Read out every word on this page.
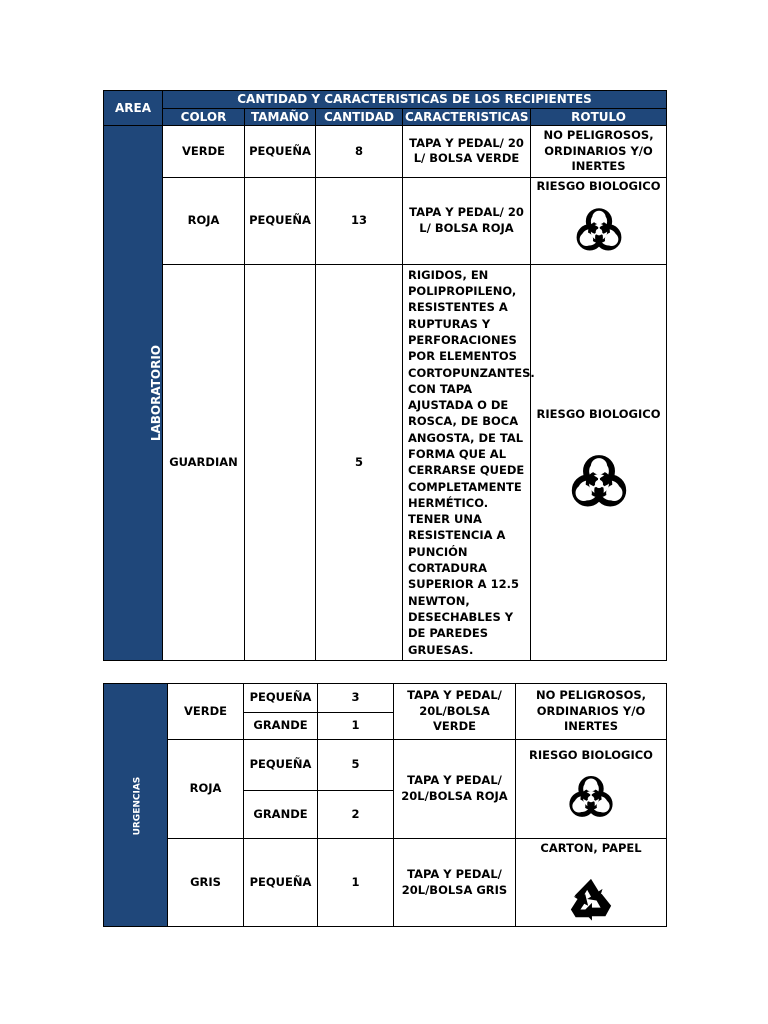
AREA	CANTIDAD Y CARACTERISTICAS DE LOS RECIPIENTES				
	COLOR	TAMAÑO	CANTIDAD	CARACTERISTICAS	ROTULO
LABORATORIO	VERDE	PEQUEÑA	8	TAPA Y PEDAL/ 20 L/ BOLSA VERDE	NO PELIGROSOS, ORDINARIOS Y/O INERTES
	ROJA	PEQUEÑA	13	TAPA Y PEDAL/ 20 L/ BOLSA ROJA	RIESGO BIOLOGICO

	GUARDIAN		5	RIGIDOS, EN POLIPROPILENO, RESISTENTES A RUPTURAS Y PERFORACIONES POR ELEMENTOS CORTOPUNZANTES. CON TAPA AJUSTADA O DE ROSCA, DE BOCA ANGOSTA, DE TAL FORMA QUE AL CERRARSE QUEDE COMPLETAMENTE HERMÉTICO. TENER UNA RESISTENCIA A PUNCIÓN CORTADURA SUPERIOR A 12.5 NEWTON, DESECHABLES Y DE PAREDES GRUESAS.	RIESGO BIOLOGICO
URGENCIAS	VERDE	PEQUEÑA	3	TAPA Y PEDAL/ 20L/BOLSA VERDE	NO PELIGROSOS, ORDINARIOS Y/O INERTES
		GRANDE	1		
	ROJA	PEQUEÑA	5	TAPA Y PEDAL/ 20L/BOLSA ROJA	RIESGO BIOLOGICO

		GRANDE	2		
	GRIS	PEQUEÑA	1	TAPA Y PEDAL/ 20L/BOLSA GRIS	CARTON, PAPEL
